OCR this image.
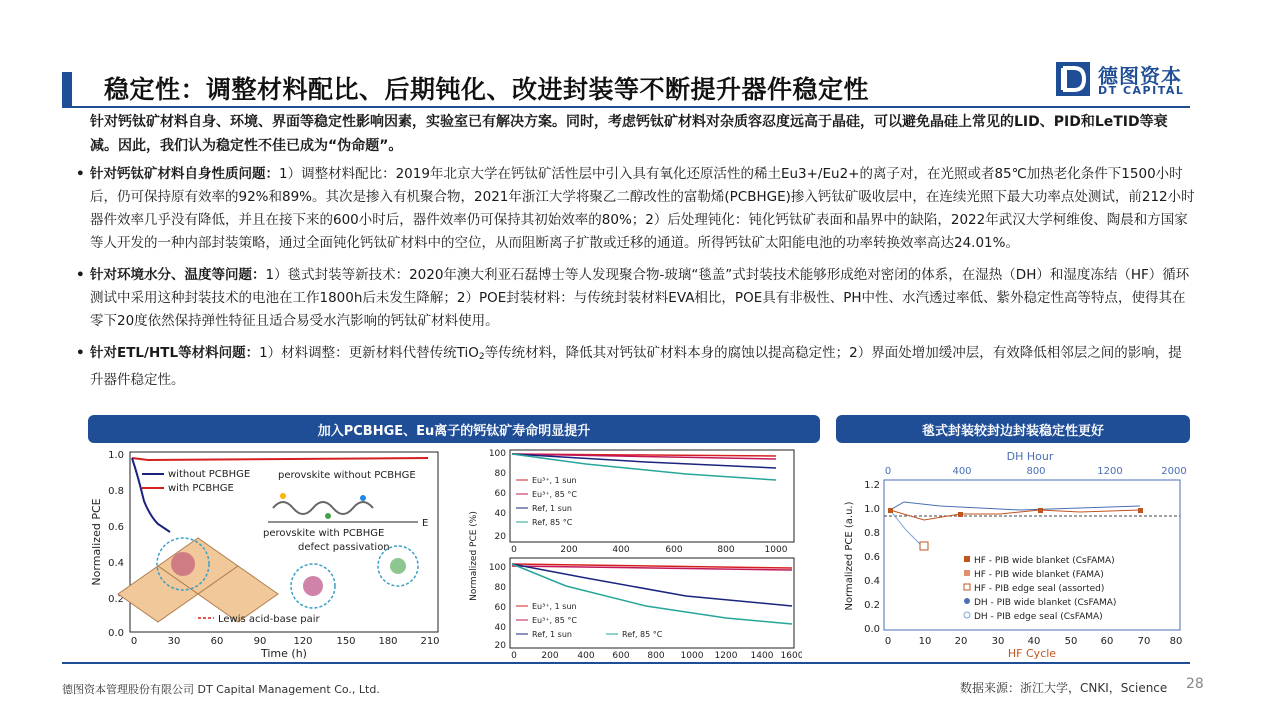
稳定性：调整材料配比、后期钝化、改进封装等不断提升器件稳定性	德图资本
DT CAPITAL
针对钙钛矿材料自身、环境、界面等稳定性影响因素，实验室已有解决方案。同时，考虑钙钛矿材料对杂质容忍度远高于晶硅，可以避免晶硅上常见的LID、PID和LeTID等衰减。因此，我们认为稳定性不佳已成为“伪命题”。
• 针对钙钛矿材料自身性质问题：1）调整材料配比：2019年北京大学在钙钛矿活性层中引入具有氧化还原活性的稀土Eu3+/Eu2+的离子对，在光照或者85℃加热老化条件下1500小时后，仍可保持原有效率的92%和89%。其次是掺入有机聚合物，2021年浙江大学将聚乙二醇改性的富勒烯(PCBHGE)掺入钙钛矿吸收层中，在连续光照下最大功率点处测试，前212小时器件效率几乎没有降低，并且在接下来的600小时后，器件效率仍可保持其初始效率的80%；2）后处理钝化：钝化钙钛矿表面和晶界中的缺陷，2022年武汉大学柯维俊、陶晨和方国家等人开发的一种内部封装策略，通过全面钝化钙钛矿材料中的空位，从而阻断离子扩散或迁移的通道。所得钙钛矿太阳能电池的功率转换效率高达24.01%。
• 针对环境水分、温度等问题：1）毯式封装等新技术：2020年澳大利亚石磊博士等人发现聚合物-玻璃“毯盖”式封装技术能够形成绝对密闭的体系，在湿热（DH）和湿度冻结（HF）循环测试中采用这种封装技术的电池在工作1800h后未发生降解；2）POE封装材料：与传统封装材料EVA相比，POE具有非极性、PH中性、水汽透过率低、紫外稳定性高等特点，使得其在零下20度依然保持弹性特征且适合易受水汽影响的钙钛矿材料使用。
• 针对ETL/HTL等材料问题：1）材料调整：更新材料代替传统TiO$_2$等传统材料，降低其对钙钛矿材料本身的腐蚀以提高稳定性；2）界面处增加缓冲层，有效降低相邻层之间的影响，提升器件稳定性。
加入PCBHGE、Eu离子的钙钛矿寿命明显提升	毯式封装较封边封装稳定性更好
1.0
0.8
0.6
0.4
0.2
0.0
0	30	60	90	120 150 180 210
Time (h)
Normalized PCE
without PCBHGE
with PCBHGE
perovskite without PCBHGE
perovskite with PCBHGE
E
defect passivation
Lewis acid-base pair
100
80
60
40
20
0	200	400	600	800	1000
Eu³⁺, 1 sun
Eu³⁺, 85 °C
Ref, 1 sun
Ref, 85 °C
100
80
60
40
20
0	200 400 600 800 1000 1200 1400 1600
Normalized PCE (%)
Eu³⁺, 1 sun
Eu³⁺, 85 °C
Ref, 1 sun	Ref, 85 °C
DH Hour
0	400	800	1200	2000
1.2
1.0
0.8
0.6
0.4
0.2
0.0
0	10 20 30 40 50 60 70 80
HF Cycle
Normalized PCE (a.u.)	HF - PIB wide blanket (CsFAMA)
HF - PIB wide blanket (FAMA)
HF - PIB edge seal (assorted)
DH - PIB wide blanket (CsFAMA)
DH - PIB edge seal (CsFAMA)
德图资本管理股份有限公司 DT Capital Management Co., Ltd.	数据来源：浙江大学，CNKI，Science 28
